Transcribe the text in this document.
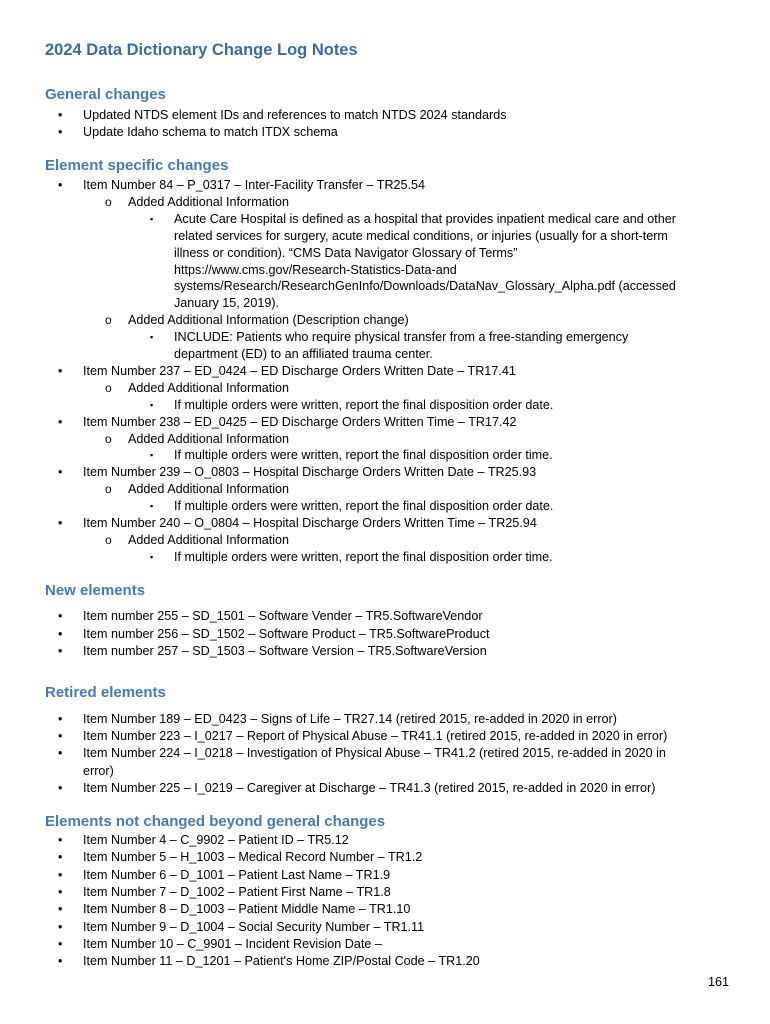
2024 Data Dictionary Change Log Notes
General changes
• Updated NTDS element IDs and references to match NTDS 2024 standards
• Update Idaho schema to match ITDX schema
Element specific changes
• Item Number 84 – P_0317 – Inter-Facility Transfer – TR25.54
o Added Additional Information
▪ Acute Care Hospital is defined as a hospital that provides inpatient medical care and other
related services for surgery, acute medical conditions, or injuries (usually for a short-term
illness or condition). “CMS Data Navigator Glossary of Terms”
https://www.cms.gov/Research-Statistics-Data-and
systems/Research/ResearchGenInfo/Downloads/DataNav_Glossary_Alpha.pdf (accessed
January 15, 2019).
o Added Additional Information (Description change)
▪ INCLUDE: Patients who require physical transfer from a free-standing emergency
department (ED) to an affiliated trauma center.
• Item Number 237 – ED_0424 – ED Discharge Orders Written Date – TR17.41
o Added Additional Information
▪ If multiple orders were written, report the final disposition order date.
• Item Number 238 – ED_0425 – ED Discharge Orders Written Time – TR17.42
o Added Additional Information
▪ If multiple orders were written, report the final disposition order time.
• Item Number 239 – O_0803 – Hospital Discharge Orders Written Date – TR25.93
o Added Additional Information
▪ If multiple orders were written, report the final disposition order date.
• Item Number 240 – O_0804 – Hospital Discharge Orders Written Time – TR25.94
o Added Additional Information
▪ If multiple orders were written, report the final disposition order time.
New elements
• Item number 255 – SD_1501 – Software Vender – TR5.SoftwareVendor
• Item number 256 – SD_1502 – Software Product – TR5.SoftwareProduct
• Item number 257 – SD_1503 – Software Version – TR5.SoftwareVersion
Retired elements
• Item Number 189 – ED_0423 – Signs of Life – TR27.14 (retired 2015, re-added in 2020 in error)
• Item Number 223 – I_0217 – Report of Physical Abuse – TR41.1 (retired 2015, re-added in 2020 in error)
• Item Number 224 – I_0218 – Investigation of Physical Abuse – TR41.2 (retired 2015, re-added in 2020 in
error)
• Item Number 225 – I_0219 – Caregiver at Discharge – TR41.3 (retired 2015, re-added in 2020 in error)
Elements not changed beyond general changes
• Item Number 4 – C_9902 – Patient ID – TR5.12
• Item Number 5 – H_1003 – Medical Record Number – TR1.2
• Item Number 6 – D_1001 – Patient Last Name – TR1.9
• Item Number 7 – D_1002 – Patient First Name – TR1.8
• Item Number 8 – D_1003 – Patient Middle Name – TR1.10
• Item Number 9 – D_1004 – Social Security Number – TR1.11
• Item Number 10 – C_9901 – Incident Revision Date –
• Item Number 11 – D_1201 – Patient's Home ZIP/Postal Code – TR1.20
161
